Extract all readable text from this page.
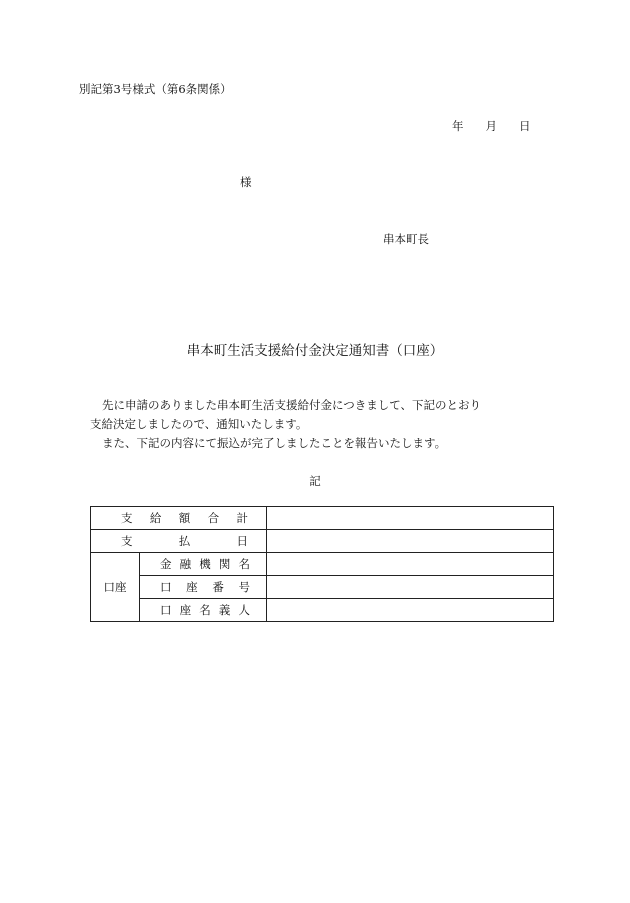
別記第3号様式（第6条関係）
年 月 日
様
串本町長
串本町生活支援給付金決定通知書（口座）

先に申請のありました串本町生活支援給付金につきまして、下記のとおり

支給決定しましたので、通知いたします。

また、下記の内容にて振込が完了しましたことを報告いたします。

記
支 給 額 合 計		

支 払 日		

口座	金 融 機 関 名	

	口 座 番 号	

	口 座 名 義 人	
